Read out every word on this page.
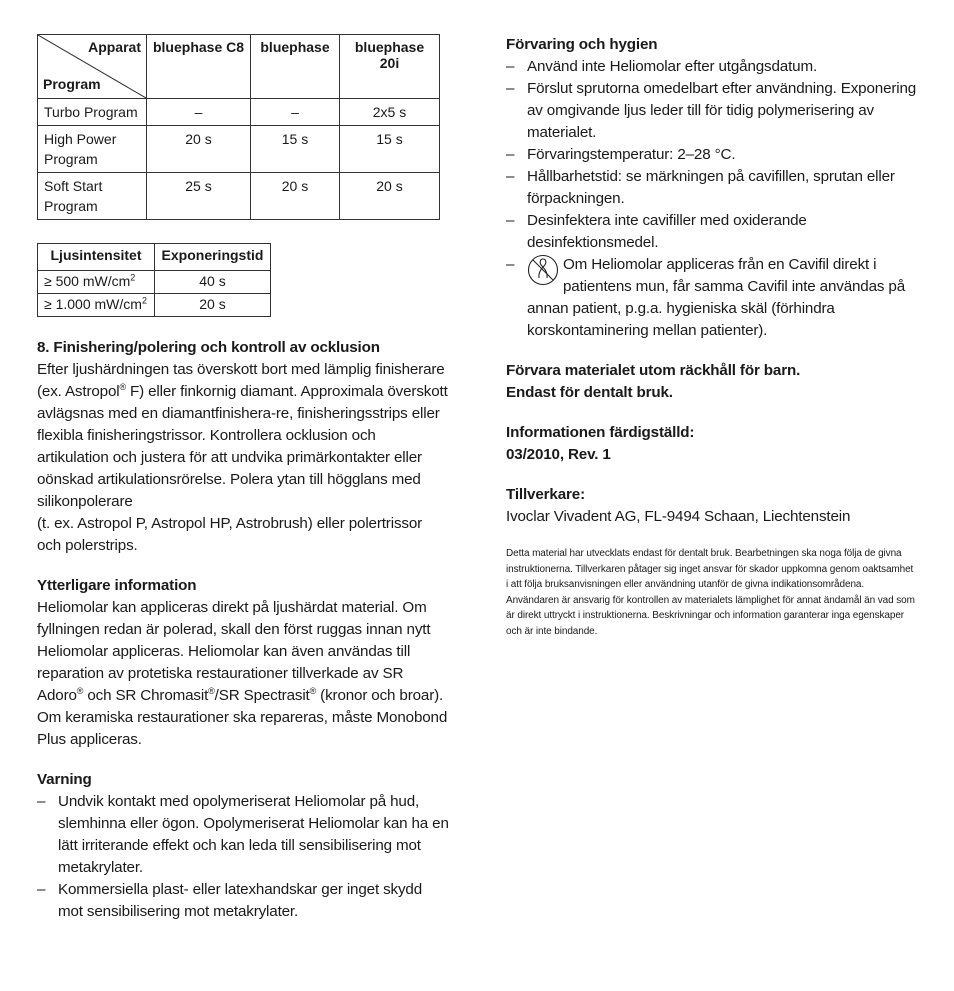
Apparat
Program	bluephase C8	bluephase	bluephase 20i
Turbo Program	–	–	2x5 s
High Power Program	20 s	15 s	15 s
Soft Start Program	25 s	20 s	20 s
Ljusintensitet	Exponeringstid
≥ 500 $mW/cm^2$	40 s
≥ 1.000 $mW/cm^2$	20 s
8. Finishering/polering och kontroll av ocklusion
Efter ljushärdningen tas överskott bort med lämplig finisherare (ex. Astropol® F) eller finkornig diamant. Approximala överskott avlägsnas med en diamantfinishera-re, finisheringsstrips eller flexibla finisheringstrissor. Kontrollera ocklusion och artikulation och justera för att undvika primärkontakter eller oönskad artikulationsrörelse. Polera ytan till högglans med silikonpolerare
(t. ex. Astropol P, Astropol HP, Astrobrush) eller polertrissor och polerstrips.
Ytterligare information
Heliomolar kan appliceras direkt på ljushärdat material. Om fyllningen redan är polerad, skall den först ruggas innan nytt Heliomolar appliceras. Heliomolar kan även användas till reparation av protetiska restaurationer tillverkade av SR Adoro® och SR Chromasit®/SR Spectrasit® (kronor och broar). Om keramiska restaurationer ska repareras, måste Monobond Plus appliceras.
Varning
– Undvik kontakt med opolymeriserat Heliomolar på hud, slemhinna eller ögon. Opolymeriserat Heliomolar kan ha en lätt irriterande effekt och kan leda till sensibilisering mot metakrylater.
– Kommersiella plast- eller latexhandskar ger inget skydd mot sensibilisering mot metakrylater.
Förvaring och hygien
– Använd inte Heliomolar efter utgångsdatum.
– Förslut sprutorna omedelbart efter användning. Exponering av omgivande ljus leder till för tidig polymerisering av materialet.
– Förvaringstemperatur: 2–28 °C.
– Hållbarhetstid: se märkningen på cavifillen, sprutan eller förpackningen.
– Desinfektera inte cavifiller med oxiderande desinfektionsmedel.
– Om Heliomolar appliceras från en Cavifil direkt i patientens mun, får samma Cavifil inte användas på annan patient, p.g.a. hygieniska skäl (förhindra korskontaminering mellan patienter).
Förvara materialet utom räckhåll för barn.
Endast för dentalt bruk.
Informationen färdigställd:
03/2010, Rev. 1
Tillverkare:
Ivoclar Vivadent AG, FL-9494 Schaan, Liechtenstein
Detta material har utvecklats endast för dentalt bruk. Bearbetningen ska noga följa de givna instruktionerna. Tillverkaren påtager sig inget ansvar för skador uppkomna genom oaktsamhet i att följa bruksanvisningen eller användning utanför de givna indikationsområdena. Användaren är ansvarig för kontrollen av materialets lämplighet för annat ändamål än vad som är direkt uttryckt i instruktionerna. Beskrivningar och information garanterar inga egenskaper och är inte bindande.
